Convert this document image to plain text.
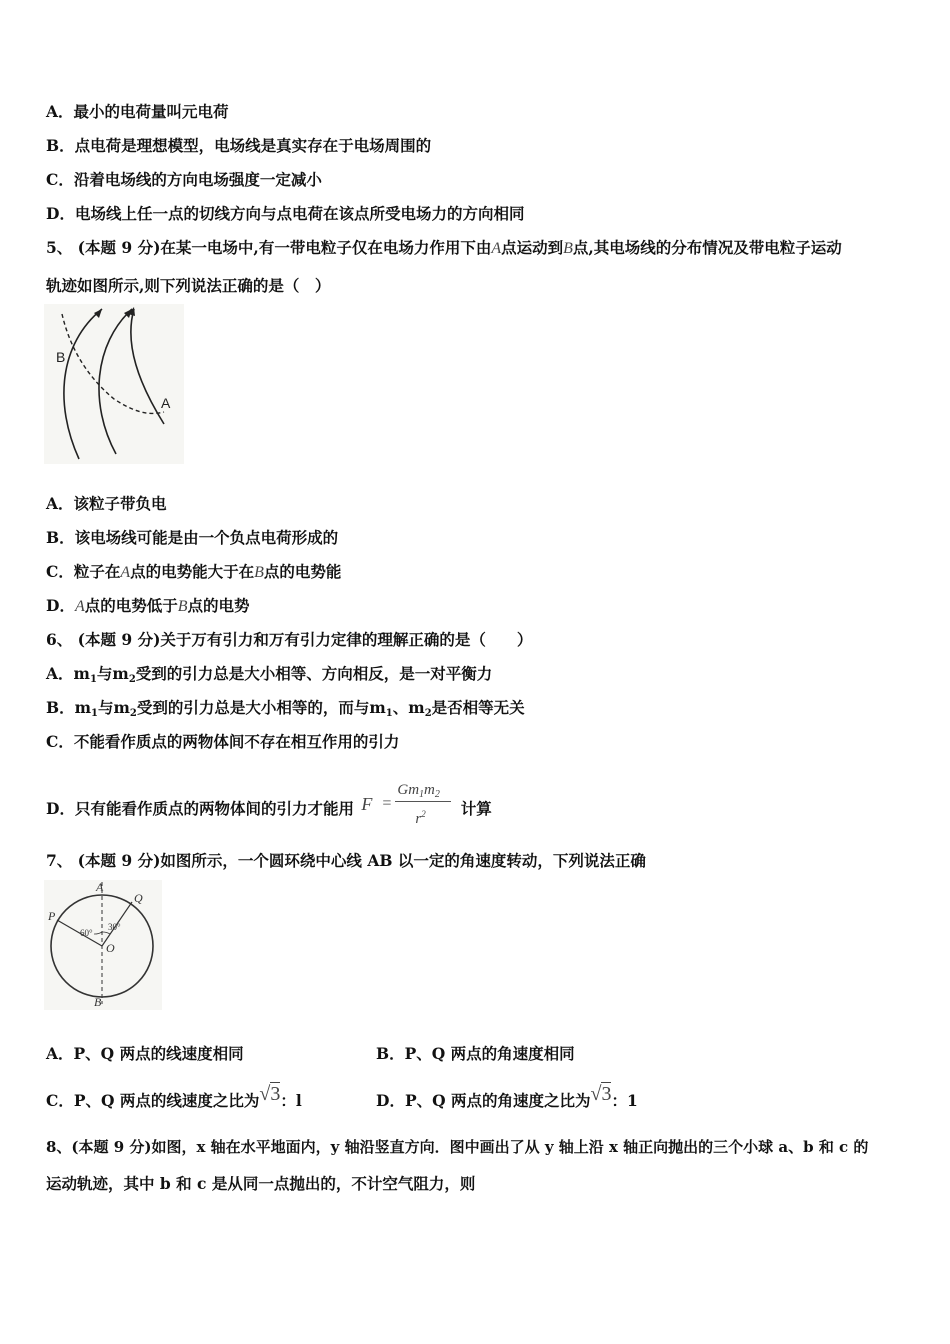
A．最小的电荷量叫元电荷
B．点电荷是理想模型，电场线是真实存在于电场周围的
C．沿着电场线的方向电场强度一定减小
D．电场线上任一点的切线方向与点电荷在该点所受电场力的方向相同
5、 (本题 9 分)在某一电场中,有一带电粒子仅在电场力作用下由A点运动到B点,其电场线的分布情况及带电粒子运动
轨迹如图所示,则下列说法正确的是（　）
B
A
A．该粒子带负电
B．该电场线可能是由一个负点电荷形成的
C．粒子在A点的电势能大于在B点的电势能
D．A点的电势低于B点的电势
6、 (本题 9 分)关于万有引力和万有引力定律的理解正确的是（　　）
A．$m_1$与$m_2$受到的引力总是大小相等、方向相反，是一对平衡力
B．$m_1$与$m_2$受到的引力总是大小相等的，而与$m_1$、$m_2$是否相等无关
C．不能看作质点的两物体间不存在相互作用的引力
D．只有能看作质点的两物体间的引力才能用 F =
$Gm_1m_2$
$r^2$ 计算
7、 (本题 9 分)如图所示，一个圆环绕中心线 AB 以一定的角速度转动，下列说法正确
A
B
P
Q
O
60°
30°
A．P、Q 两点的线速度相同	B．P、Q 两点的角速度相同
C．P、Q 两点的线速度之比为√3：l	D．P、Q 两点的角速度之比为√3：1
8、(本题 9 分)如图，x 轴在水平地面内，y 轴沿竖直方向．图中画出了从 y 轴上沿 x 轴正向抛出的三个小球 a、b 和 c 的
运动轨迹，其中 b 和 c 是从同一点抛出的，不计空气阻力，则
